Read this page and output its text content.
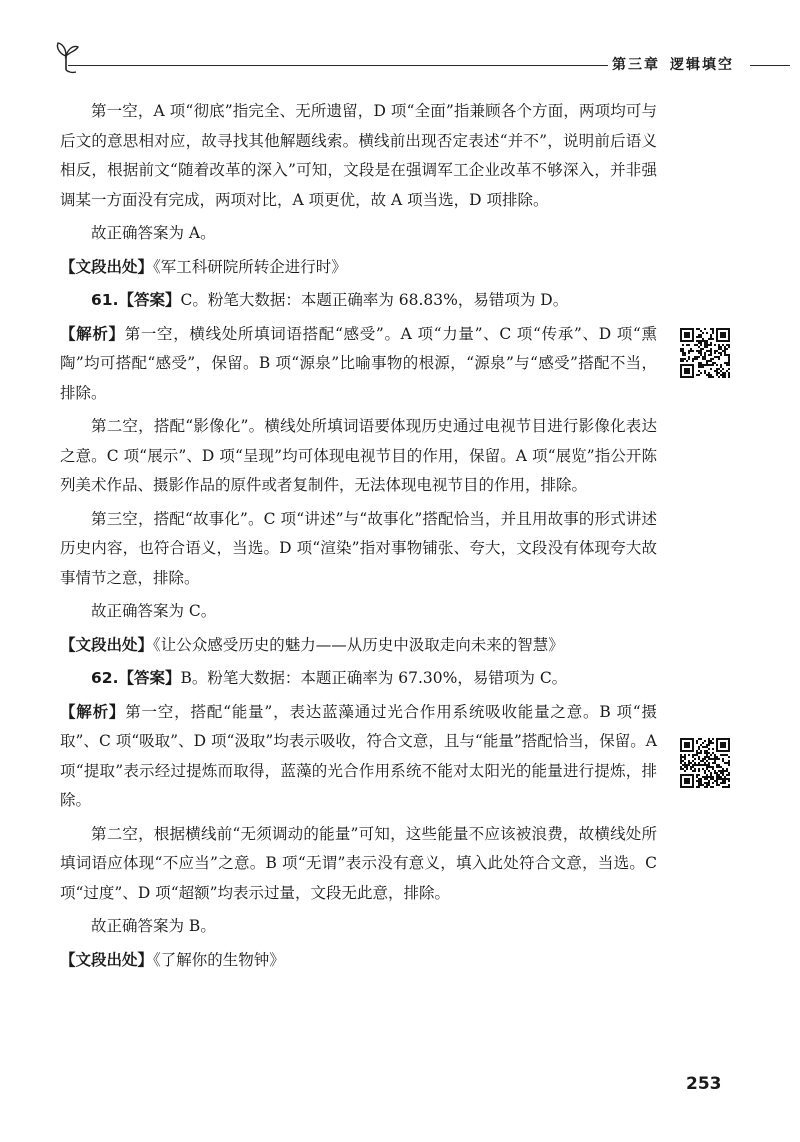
第三章 逻辑填空

第一空，A 项“彻底”指完全、无所遗留，D 项“全面”指兼顾各个方面，两项均可与后文的意思相对应，故寻找其他解题线索。横线前出现否定表述“并不”，说明前后语义相反，根据前文“随着改革的深入”可知，文段是在强调军工企业改革不够深入，并非强调某一方面没有完成，两项对比，A 项更优，故 A 项当选，D 项排除。

故正确答案为 A。

【文段出处】《军工科研院所转企进行时》

61.【答案】C。粉笔大数据：本题正确率为 68.83%，易错项为 D。

【解析】第一空，横线处所填词语搭配“感受”。A 项“力量”、C 项“传承”、D 项“熏陶”均可搭配“感受”，保留。B 项“源泉”比喻事物的根源，“源泉”与“感受”搭配不当，排除。

第二空，搭配“影像化”。横线处所填词语要体现历史通过电视节目进行影像化表达之意。C 项“展示”、D 项“呈现”均可体现电视节目的作用，保留。A 项“展览”指公开陈列美术作品、摄影作品的原件或者复制件，无法体现电视节目的作用，排除。

第三空，搭配“故事化”。C 项“讲述”与“故事化”搭配恰当，并且用故事的形式讲述历史内容，也符合语义，当选。D 项“渲染”指对事物铺张、夸大，文段没有体现夸大故事情节之意，排除。

故正确答案为 C。

【文段出处】《让公众感受历史的魅力——从历史中汲取走向未来的智慧》

62.【答案】B。粉笔大数据：本题正确率为 67.30%，易错项为 C。

【解析】第一空，搭配“能量”，表达蓝藻通过光合作用系统吸收能量之意。B 项“摄取”、C 项“吸取”、D 项“汲取”均表示吸收，符合文意，且与“能量”搭配恰当，保留。A 项“提取”表示经过提炼而取得，蓝藻的光合作用系统不能对太阳光的能量进行提炼，排除。

第二空，根据横线前“无须调动的能量”可知，这些能量不应该被浪费，故横线处所填词语应体现“不应当”之意。B 项“无谓”表示没有意义，填入此处符合文意，当选。C 项“过度”、D 项“超额”均表示过量，文段无此意，排除。

故正确答案为 B。

【文段出处】《了解你的生物钟》

253
